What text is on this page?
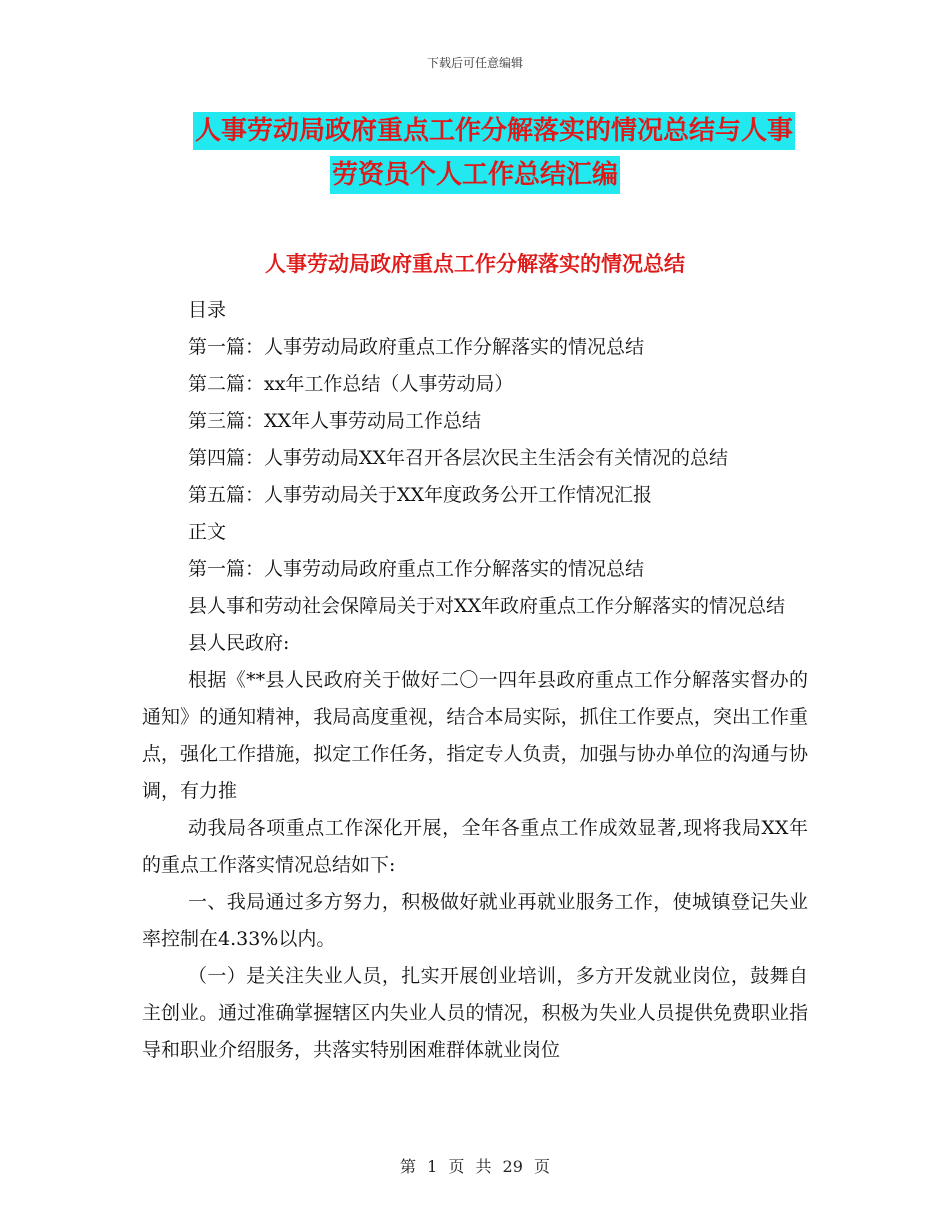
下载后可任意编辑
人事劳动局政府重点工作分解落实的情况总结与人事
劳资员个人工作总结汇编
人事劳动局政府重点工作分解落实的情况总结

目录

第一篇：人事劳动局政府重点工作分解落实的情况总结

第二篇：xx年工作总结（人事劳动局）

第三篇：XX年人事劳动局工作总结

第四篇：人事劳动局XX年召开各层次民主生活会有关情况的总结

第五篇：人事劳动局关于XX年度政务公开工作情况汇报

正文

第一篇：人事劳动局政府重点工作分解落实的情况总结

县人事和劳动社会保障局关于对XX年政府重点工作分解落实的情况总结

县人民政府:

根据《**县人民政府关于做好二〇一四年县政府重点工作分解落实督办的通知》的通知精神，我局高度重视，结合本局实际，抓住工作要点，突出工作重点，强化工作措施，拟定工作任务，指定专人负责，加强与协办单位的沟通与协调，有力推

动我局各项重点工作深化开展，全年各重点工作成效显著,现将我局XX年的重点工作落实情况总结如下:

一、我局通过多方努力，积极做好就业再就业服务工作，使城镇登记失业率控制在4.33%以内。

（一）是关注失业人员，扎实开展创业培训，多方开发就业岗位，鼓舞自主创业。通过准确掌握辖区内失业人员的情况，积极为失业人员提供免费职业指导和职业介绍服务，共落实特别困难群体就业岗位

第 1 页 共 29 页
